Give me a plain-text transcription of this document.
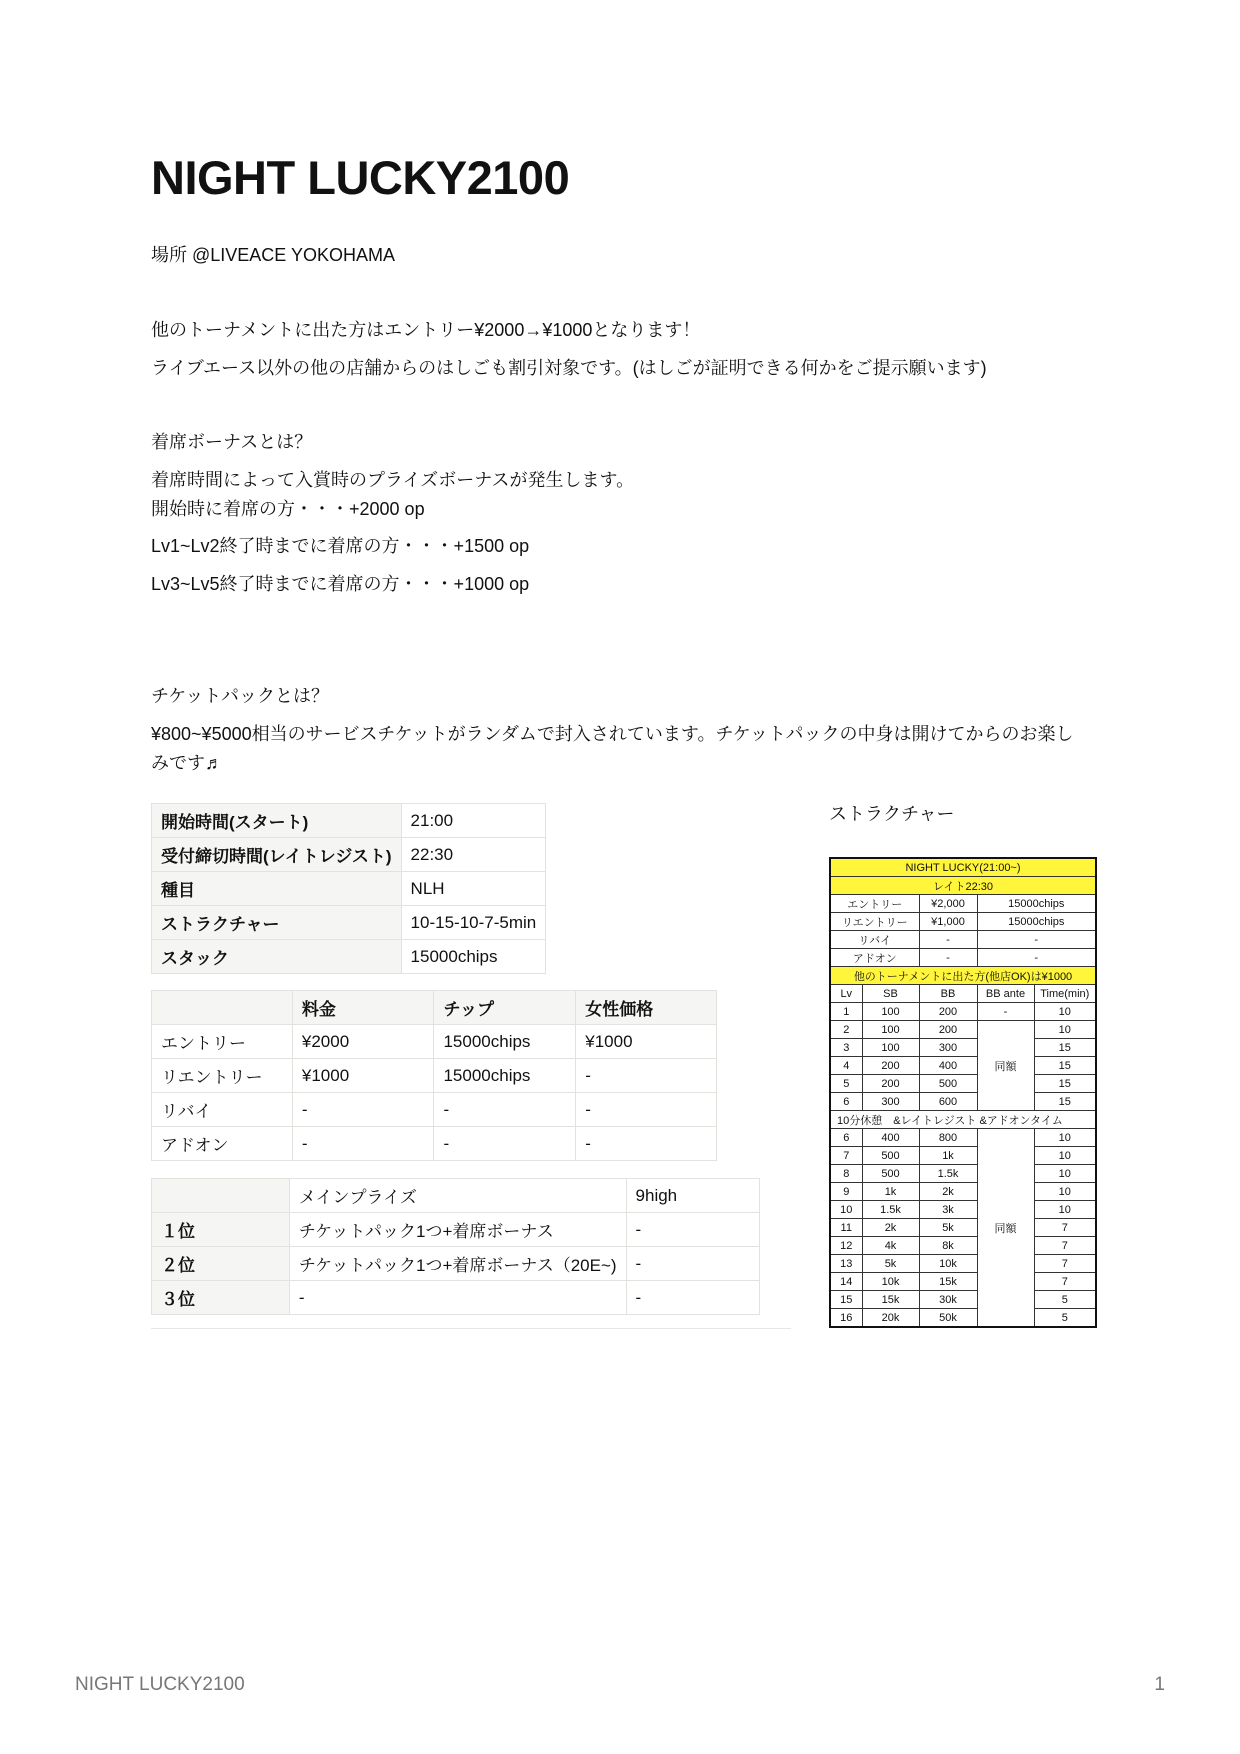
NIGHT LUCKY2100
場所 @LIVEACE YOKOHAMA
他のトーナメントに出た方はエントリー¥2000→¥1000となります！
ライブエース以外の他の店舗からのはしごも割引対象です。(はしごが証明できる何かをご提示願います)
着席ボーナスとは？
着席時間によって入賞時のプライズボーナスが発生します。
開始時に着席の方・・・+2000 op
Lv1~Lv2終了時までに着席の方・・・+1500 op
Lv3~Lv5終了時までに着席の方・・・+1000 op
チケットパックとは？
¥800~¥5000相当のサービスチケットがランダムで封入されています。チケットパックの中身は開けてからのお楽しみです♬
開始時間(スタート)	21:00
受付締切時間(レイトレジスト)	22:30
種目	NLH
ストラクチャー	10-15-10-7-5min
スタック	15000chips
	料金	チップ	女性価格
エントリー	¥2000	15000chips	¥1000
リエントリー	¥1000	15000chips	-
リバイ	-	-	-
アドオン	-	-	-
	メインプライズ	9high
１位	チケットパック1つ+着席ボーナス	-
２位	チケットパック1つ+着席ボーナス（20E~)	-
３位	-	-
ストラクチャー
NIGHT LUCKY(21:00~)				
レイト22:30				
エントリー		¥2,000	15000chips	
リエントリー		¥1,000	15000chips	
リバイ		-	-	
アドオン		-	-	
他のトーナメントに出た方(他店OK)は¥1000				
Lv	SB	BB	BB ante	Time(min)
1	100	200	-	10
2	100	200	同額	10
3	100	300		15
4	200	400		15
5	200	500		15
6	300	600		15
10分休憩　&レイトレジスト &アドオンタイム				
6	400	800	同額	10
7	500	1k		10
8	500	1.5k		10
9	1k	2k		10
10	1.5k	3k		10
11	2k	5k		7
12	4k	8k		7
13	5k	10k		7
14	10k	15k		7
15	15k	30k		5
16	20k	50k		5
NIGHT LUCKY2100	1
